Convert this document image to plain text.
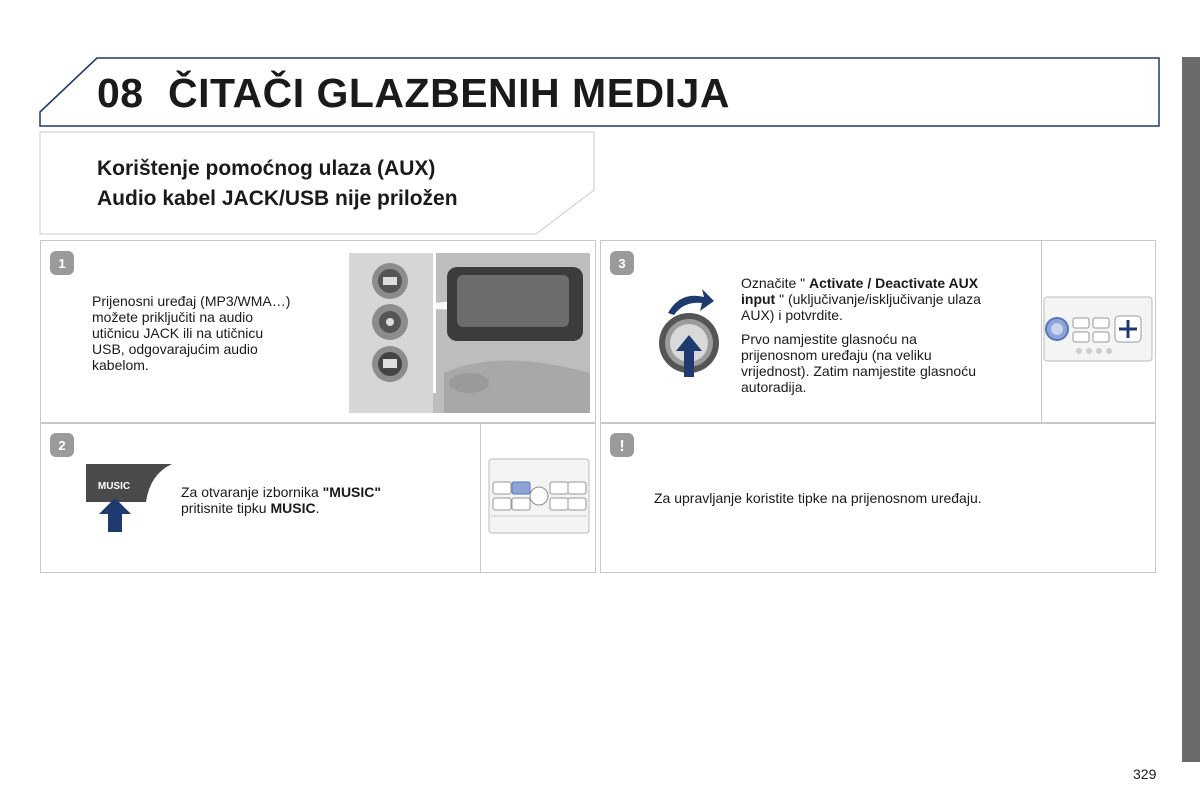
08 ČITAČI GLAZBENIH MEDIJA
Korištenje pomoćnog ulaza (AUX)
Audio kabel JACK/USB nije priložen
1
Prijenosni uređaj (MP3/WMA…)
možete priključiti na audio
utičnicu JACK ili na utičnicu
USB, odgovarajućim audio
kabelom.
2
MUSIC	Za otvaranje izbornika "MUSIC"
pritisnite tipku MUSIC.
3
Označite " Activate / Deactivate AUX
input " (uključivanje/isključivanje ulaza
AUX) i potvrdite.
Prvo namjestite glasnoću na
prijenosnom uređaju (na veliku
vrijednost). Zatim namjestite glasnoću
autoradija.
!
Za upravljanje koristite tipke na prijenosnom uređaju.
329
